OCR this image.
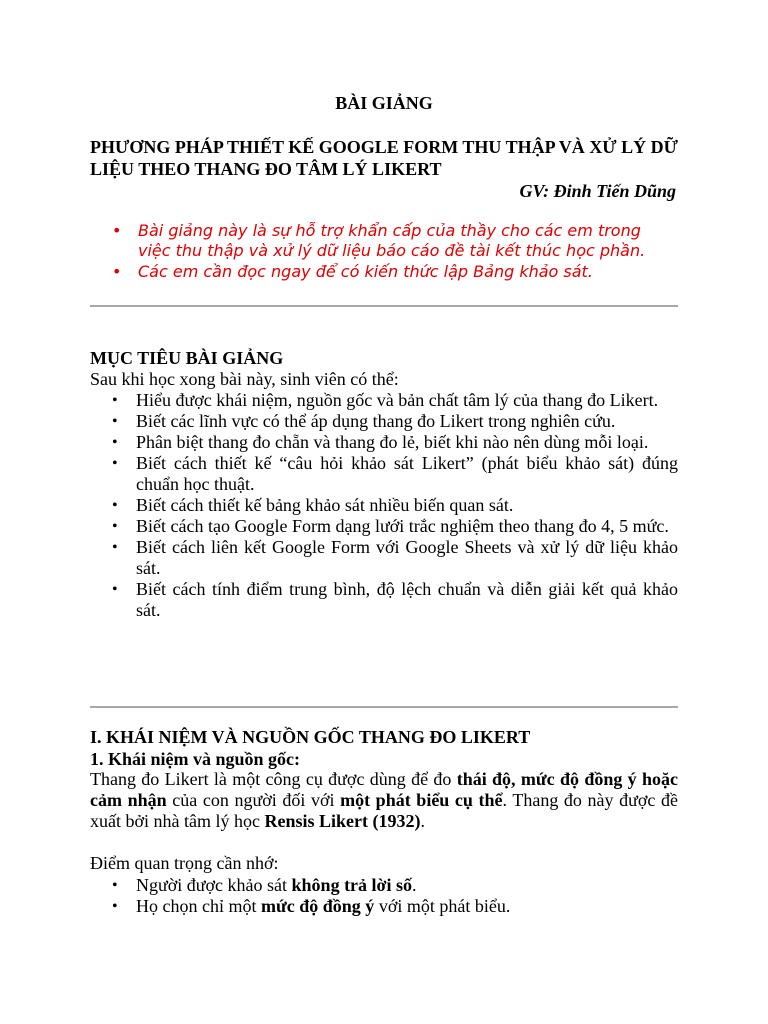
BÀI GIẢNG
PHƯƠNG PHÁP THIẾT KẾ GOOGLE FORM THU THẬP VÀ XỬ LÝ DỮ LIỆU THEO THANG ĐO TÂM LÝ LIKERT
GV: Đinh Tiến Dũng
• Bài giảng này là sự hỗ trợ khẩn cấp của thầy cho các em trong việc thu thập và xử lý dữ liệu báo cáo đề tài kết thúc học phần.
• Các em cần đọc ngay để có kiến thức lập Bảng khảo sát.
MỤC TIÊU BÀI GIẢNG
Sau khi học xong bài này, sinh viên có thể:
• Hiểu được khái niệm, nguồn gốc và bản chất tâm lý của thang đo Likert.
• Biết các lĩnh vực có thể áp dụng thang đo Likert trong nghiên cứu.
• Phân biệt thang đo chẵn và thang đo lẻ, biết khi nào nên dùng mỗi loại.
• Biết cách thiết kế “câu hỏi khảo sát Likert” (phát biểu khảo sát) đúng chuẩn học thuật.
• Biết cách thiết kế bảng khảo sát nhiều biến quan sát.
• Biết cách tạo Google Form dạng lưới trắc nghiệm theo thang đo 4, 5 mức.
• Biết cách liên kết Google Form với Google Sheets và xử lý dữ liệu khảo sát.
• Biết cách tính điểm trung bình, độ lệch chuẩn và diễn giải kết quả khảo sát.
I. KHÁI NIỆM VÀ NGUỒN GỐC THANG ĐO LIKERT
1. Khái niệm và nguồn gốc:
Thang đo Likert là một công cụ được dùng để đo thái độ, mức độ đồng ý hoặc cảm nhận của con người đối với một phát biểu cụ thể. Thang đo này được đề xuất bởi nhà tâm lý học Rensis Likert (1932).
Điểm quan trọng cần nhớ:
• Người được khảo sát không trả lời số.
• Họ chọn chỉ một mức độ đồng ý với một phát biểu.
